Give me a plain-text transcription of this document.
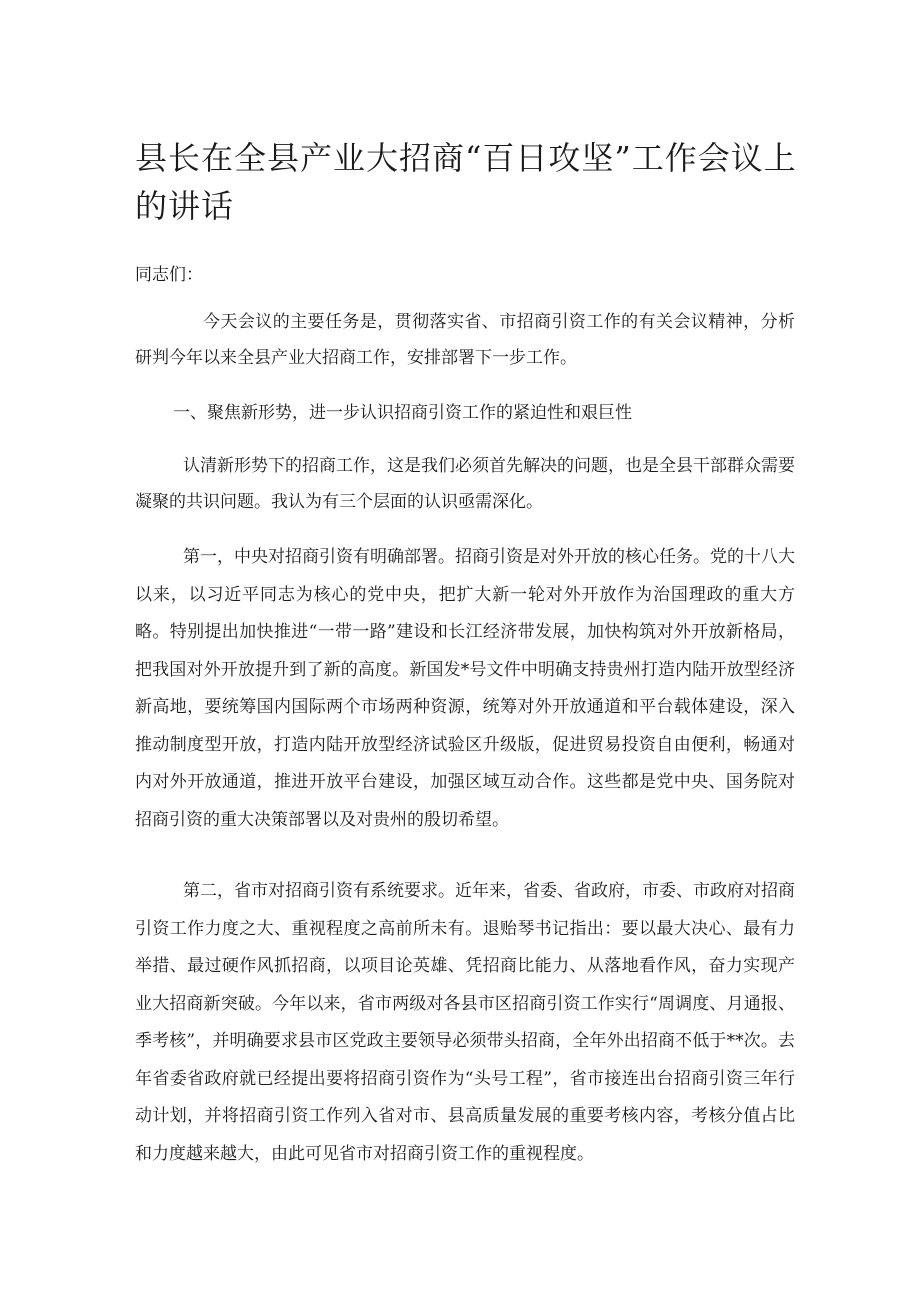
县长在全县产业大招商“百日攻坚”工作会议上的讲话

同志们：

今天会议的主要任务是，贯彻落实省、市招商引资工作的有关会议精神，分析研判今年以来全县产业大招商工作，安排部署下一步工作。

一、聚焦新形势，进一步认识招商引资工作的紧迫性和艰巨性

认清新形势下的招商工作，这是我们必须首先解决的问题，也是全县干部群众需要凝聚的共识问题。我认为有三个层面的认识亟需深化。

第一，中央对招商引资有明确部署。招商引资是对外开放的核心任务。党的十八大以来，以习近平同志为核心的党中央，把扩大新一轮对外开放作为治国理政的重大方略。特别提出加快推进“一带一路”建设和长江经济带发展，加快构筑对外开放新格局，把我国对外开放提升到了新的高度。新国发*号文件中明确支持贵州打造内陆开放型经济新高地，要统筹国内国际两个市场两种资源，统筹对外开放通道和平台载体建设，深入推动制度型开放，打造内陆开放型经济试验区升级版，促进贸易投资自由便利，畅通对内对外开放通道，推进开放平台建设，加强区域互动合作。这些都是党中央、国务院对招商引资的重大决策部署以及对贵州的殷切希望。

第二，省市对招商引资有系统要求。近年来，省委、省政府，市委、市政府对招商引资工作力度之大、重视程度之高前所未有。退贻琴书记指出：要以最大决心、最有力举措、最过硬作风抓招商，以项目论英雄、凭招商比能力、从落地看作风，奋力实现产业大招商新突破。今年以来，省市两级对各县市区招商引资工作实行“周调度、月通报、季考核”，并明确要求县市区党政主要领导必须带头招商，全年外出招商不低于**次。去年省委省政府就已经提出要将招商引资作为“头号工程”，省市接连出台招商引资三年行动计划，并将招商引资工作列入省对市、县高质量发展的重要考核内容，考核分值占比和力度越来越大，由此可见省市对招商引资工作的重视程度。
